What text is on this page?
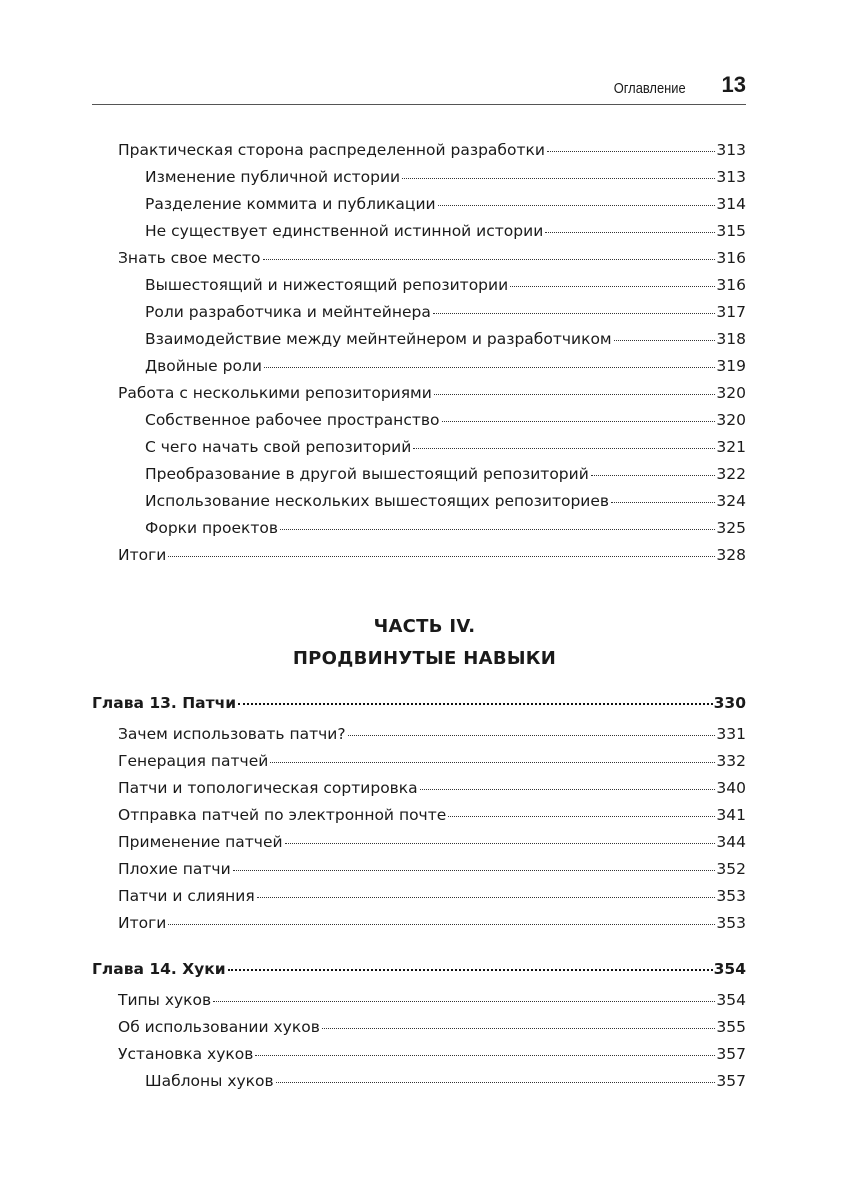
Оглавление 13
Практическая сторона распределенной разработки	313
Изменение публичной истории	313
Разделение коммита и публикации	314
Не существует единственной истинной истории	315
Знать свое место	316
Вышестоящий и нижестоящий репозитории	316
Роли разработчика и мейнтейнера	317
Взаимодействие между мейнтейнером и разработчиком	318
Двойные роли	319
Работа с несколькими репозиториями	320
Собственное рабочее пространство	320
С чего начать свой репозиторий	321
Преобразование в другой вышестоящий репозиторий	322
Использование нескольких вышестоящих репозиториев	324
Форки проектов	325
Итоги	328
ЧАСТЬ IV.
ПРОДВИНУТЫЕ НАВЫКИ
Глава 13. Патчи	330
Зачем использовать патчи?	331
Генерация патчей	332
Патчи и топологическая сортировка	340
Отправка патчей по электронной почте	341
Применение патчей	344
Плохие патчи	352
Патчи и слияния	353
Итоги	353
Глава 14. Хуки	354
Типы хуков	354
Об использовании хуков	355
Установка хуков	357
Шаблоны хуков	357
